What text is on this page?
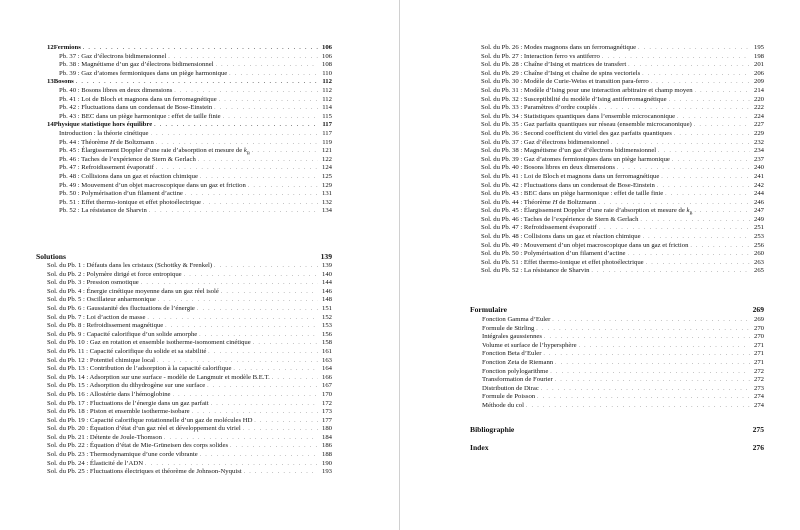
12 Fermions . . .	106
Pb. 37 : Gaz d’électrons bidimensionnel . . .	106
Pb. 38 : Magnétisme d’un gaz d’électrons bidimensionnel . . .	108
Pb. 39 : Gaz d’atomes fermioniques dans un piège harmonique . . .	110
13 Bosons . . .	112
Pb. 40 : Bosons libres en deux dimensions . . .	112
Pb. 41 : Loi de Bloch et magnons dans un ferromagnétique . . .	112
Pb. 42 : Fluctuations dans un condensat de Bose-Einstein . . .	114
Pb. 43 : BEC dans un piège harmonique : effet de taille finie . . .	115
14 Physique statistique hors équilibre . . .	117
Introduction : la théorie cinétique . . .	117
Pb. 44 : Théorème H de Boltzmann . . .	119
Pb. 45 : Élargissement Doppler d’une raie d’absorption et mesure de $k_B$ . . .	121
Pb. 46 : Taches de l’expérience de Stern & Gerlach . . .	122
Pb. 47 : Refroidissement évaporatif . . .	124
Pb. 48 : Collisions dans un gaz et réaction chimique . . .	125
Pb. 49 : Mouvement d’un objet macroscopique dans un gaz et friction . . .	129
Pb. 50 : Polymérisation d’un filament d’actine . . .	131
Pb. 51 : Effet thermo-ionique et effet photoélectrique . . .	132
Pb. 52 : La résistance de Sharvin . . .	134
Solutions	139
Sol. du Pb. 1 : Défauts dans les cristaux (Schottky & Frenkel) . . .	139
Sol. du Pb. 2 : Polymère dirigé et force entropique . . .	140
Sol. du Pb. 3 : Pression osmotique . . .	144
Sol. du Pb. 4 : Énergie cinétique moyenne dans un gaz réel isolé . . .	146
Sol. du Pb. 5 : Oscillateur anharmonique . . .	148
Sol. du Pb. 6 : Gaussianité des fluctuations de l’énergie . . .	151
Sol. du Pb. 7 : Loi d’action de masse . . .	152
Sol. du Pb. 8 : Refroidissement magnétique . . .	153
Sol. du Pb. 9 : Capacité calorifique d’un solide amorphe . . .	156
Sol. du Pb. 10 : Gaz en rotation et ensemble isotherme-isomoment cinétique . . .	158
Sol. du Pb. 11 : Capacité calorifique du solide et sa stabilité . . .	161
Sol. du Pb. 12 : Potentiel chimique local . . .	163
Sol. du Pb. 13 : Contribution de l’adsorption à la capacité calorifique . . .	164
Sol. du Pb. 14 : Adsorption sur une surface - modèle de Langmuir et modèle B.E.T. . . .	166
Sol. du Pb. 15 : Adsorption du dihydrogène sur une surface . . .	167
Sol. du Pb. 16 : Allostérie dans l’hémoglobine . . .	170
Sol. du Pb. 17 : Fluctuations de l’énergie dans un gaz parfait . . .	172
Sol. du Pb. 18 : Piston et ensemble isotherme-isobare . . .	173
Sol. du Pb. 19 : Capacité calorifique rotationnelle d’un gaz de molécules HD . . .	177
Sol. du Pb. 20 : Équation d’état d’un gaz réel et développement du viriel . . .	180
Sol. du Pb. 21 : Détente de Joule-Thomson . . .	184
Sol. du Pb. 22 : Équation d’état de Mie-Grüneisen des corps solides . . .	186
Sol. du Pb. 23 : Thermodynamique d’une corde vibrante . . .	188
Sol. du Pb. 24 : Élasticité de l’ADN . . .	190
Sol. du Pb. 25 : Fluctuations électriques et théorème de Johnson-Nyquist . . .	193
Sol. du Pb. 26 : Modes magnons dans un ferromagnétique . . .	195
Sol. du Pb. 27 : Interaction ferro vs antiferro . . .	198
Sol. du Pb. 28 : Chaîne d’Ising et matrices de transfert . . .	201
Sol. du Pb. 29 : Chaîne d’Ising et chaîne de spins vectoriels . . .	206
Sol. du Pb. 30 : Modèle de Curie-Weiss et transition para-ferro . . .	209
Sol. du Pb. 31 : Modèle d’Ising pour une interaction arbitraire et champ moyen . . .	214
Sol. du Pb. 32 : Susceptibilité du modèle d’Ising antiferromagnétique . . .	220
Sol. du Pb. 33 : Paramètres d’ordre couplés . . .	222
Sol. du Pb. 34 : Statistiques quantiques dans l’ensemble microcanonique . . .	224
Sol. du Pb. 35 : Gaz parfaits quantiques sur réseau (ensemble microcanonique) . . .	227
Sol. du Pb. 36 : Second coefficient du viriel des gaz parfaits quantiques . . .	229
Sol. du Pb. 37 : Gaz d’électrons bidimensionnel . . .	232
Sol. du Pb. 38 : Magnétisme d’un gaz d’électrons bidimensionnel . . .	234
Sol. du Pb. 39 : Gaz d’atomes fermioniques dans un piège harmonique . . .	237
Sol. du Pb. 40 : Bosons libres en deux dimensions . . .	240
Sol. du Pb. 41 : Loi de Bloch et magnons dans un ferromagnétique . . .	241
Sol. du Pb. 42 : Fluctuations dans un condensat de Bose-Einstein . . .	242
Sol. du Pb. 43 : BEC dans un piège harmonique : effet de taille finie . . .	244
Sol. du Pb. 44 : Théorème H de Boltzmann . . .	246
Sol. du Pb. 45 : Élargissement Doppler d’une raie d’absorption et mesure de $k_B$ . . .	247
Sol. du Pb. 46 : Taches de l’expérience de Stern & Gerlach . . .	249
Sol. du Pb. 47 : Refroidissement évaporatif . . .	251
Sol. du Pb. 48 : Collisions dans un gaz et réaction chimique . . .	253
Sol. du Pb. 49 : Mouvement d’un objet macroscopique dans un gaz et friction . . .	256
Sol. du Pb. 50 : Polymérisation d’un filament d’actine . . .	260
Sol. du Pb. 51 : Effet thermo-ionique et effet photoélectrique . . .	263
Sol. du Pb. 52 : La résistance de Sharvin . . .	265
Formulaire	269
Fonction Gamma d’Euler . . .	269
Formule de Stirling . . .	270
Intégrales gaussiennes . . .	270
Volume et surface de l’hypersphère . . .	271
Fonction Beta d’Euler . . .	271
Fonction Zeta de Riemann . . .	271
Fonction polylogarithme . . .	272
Transformation de Fourier . . .	272
Distribution de Dirac . . .	273
Formule de Poisson . . .	274
Méthode du col . . .	274
Bibliographie	275
Index	276
